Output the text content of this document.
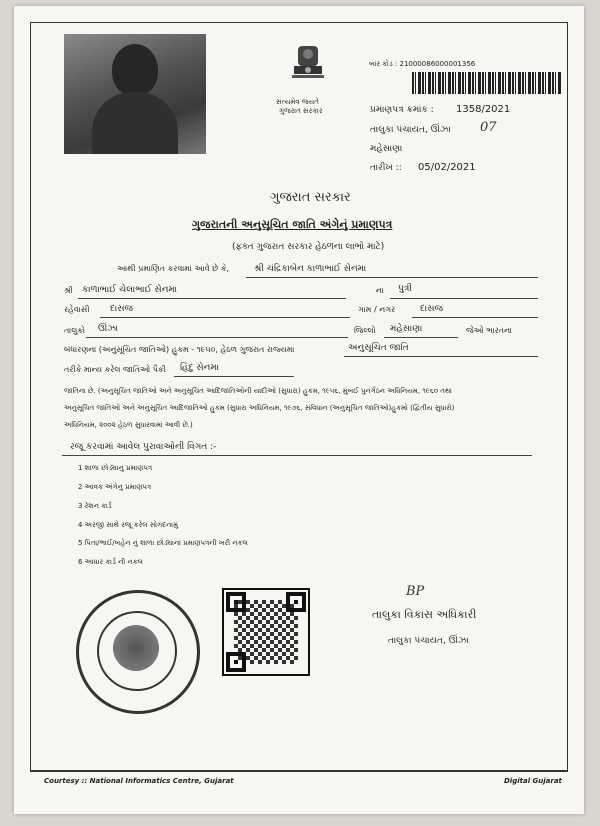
સત્યમેવ જયતે
ગુજરાત સરકાર
બાર કોડ : 21000086000001356
પ્રમાણપત્ર ક્રમાંક : 1358/2021
તાલુકા પંચાયત, ઊંઝા 07
મહેસાણા
તારીખ :: 05/02/2021
ગુજરાત સરકાર
ગુજરાતની અનુસૂચિત જાતિ અંગેનું પ્રમાણપત્ર
(ફક્ત ગુજરાત સરકાર હેઠળના લાભો માટે)
આથી પ્રમાણિત કરવામાં આવે છે કે,	શ્રી ચંદ્રિકાબેન કાળાભાઈ સેનમા
શ્રી કાળાભાઈ ચેલાભાઈ સેનમા	ના પુત્રી
રહેવાસી દાસજ	ગામ / નગર	દાસજ
તાલુકો ઊંઝા	જિલ્લો મહેસાણા	જેઓ ભારતના
બંધારણના (અનુસૂચિત જાતિઓ) હુકમ - ૧૯૫૦, હેઠળ ગુજરાત રાજ્યમાં	અનુસૂચિત જાતિ
તરીકે માન્ય કરેલ જાતિઓ પૈકી હિંદુ સેનમા
જાતિના છે. (અનુસૂચિત જાતિઓ અને અનુસૂચિત આદિજાતિઓની યાદીઓ (સુધારા) હુકમ, ૧૯૫૬, મુંબઈ પુનર્ગઠન અધિનિયમ, ૧૯૬૦ તથા
અનુસૂચિત જાતિઓ અને અનુસૂચિત આદિજાતિઓ હુકમ (સુધારા અધિનિયમ, ૧૯૭૬, સંવિધાન (અનુસૂચિત જાતિઓ)હુકમો (દ્વિતીય સુધારો)
અધિનિયમ, ૨૦૦૨ હેઠળ સુધારવામાં આવી છે.)
રજૂ કરવામાં આવેલ પુરાવાઓની વિગત :-
1 શાળા છોડ્યાનુ પ્રમાણપત્ર
2 આવક અંગેનુ પ્રમાણપત્ર
3 રેશન કાર્ડ
4 અરજી સાથે રજૂ કરેલ સોગંદનામું
5 પિતા/ભાઈ/બહેન નું શાળા છોડ્યાનાં પ્રમાણપત્રની ખરી નકલ
6 આધાર કાર્ડ ની નકલ
BP
તાલુકા વિકાસ અધિકારી
તાલુકા પંચાયત, ઊંઝા
Courtesy :: National Informatics Centre, Gujarat	Digital Gujarat
